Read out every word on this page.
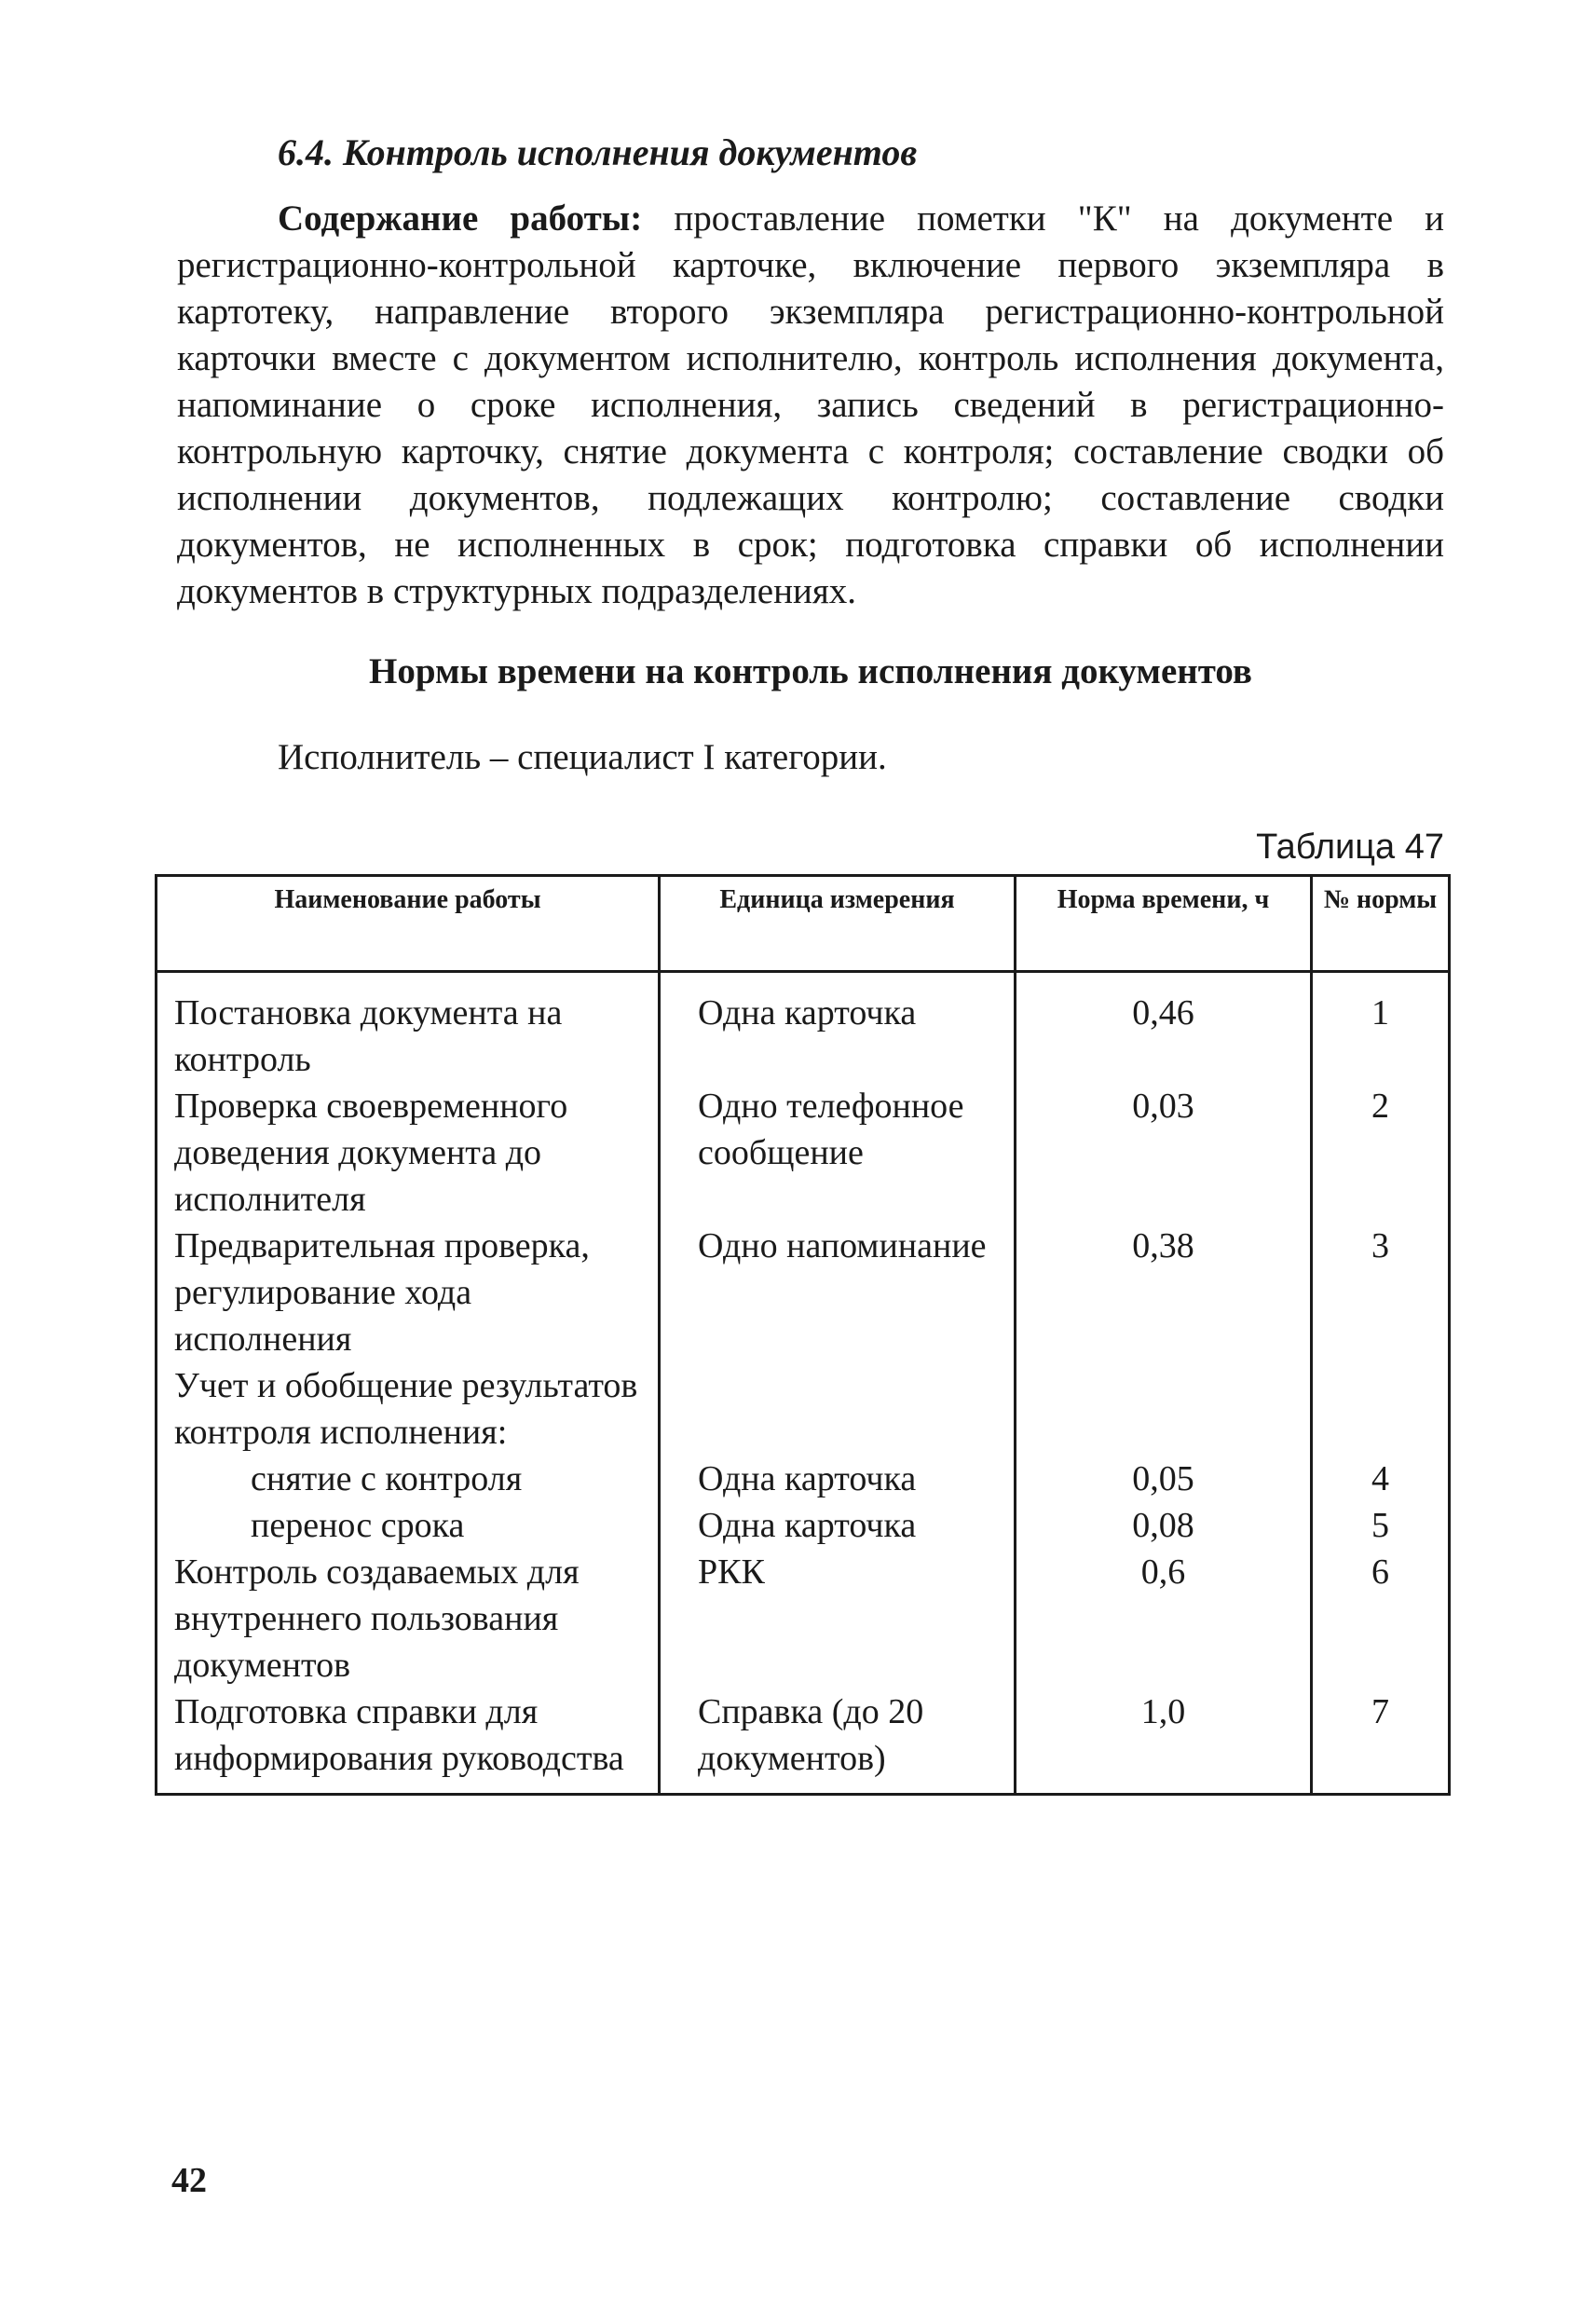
6.4. Контроль исполнения документов
Содержание работы: проставление пометки "К" на документе и регистрационно-контрольной карточке, включение первого экземпляра в картотеку, направление второго экземпляра регистрационно-контрольной карточки вместе с документом исполнителю, контроль исполнения документа, напоминание о сроке исполнения, запись сведений в регистрационно-контрольную карточку, снятие документа с контроля; составление сводки об исполнении документов, подлежащих контролю; составление сводки документов, не исполненных в срок; подготовка справки об исполнении документов в структурных подразделениях.
Нормы времени на контроль исполнения документов
Исполнитель – специалист I категории.
Таблица 47
Наименование работы	Единица измерения	Норма времени, ч	№ нормы
Постановка документа на контроль	Одна карточка	0,46	1
Проверка своевременного доведения документа до исполнителя	Одно телефонное сообщение	0,03	2
Предварительная проверка, регулирование хода исполнения	Одно напоминание	0,38	3
Учет и обобщение результатов контроля исполнения:			
снятие с контроля	Одна карточка	0,05	4
перенос срока	Одна карточка	0,08	5
Контроль создаваемых для внутреннего пользования документов	РКК	0,6	6
Подготовка справки для информирования руководства	Справка (до 20 документов)	1,0	7
42
